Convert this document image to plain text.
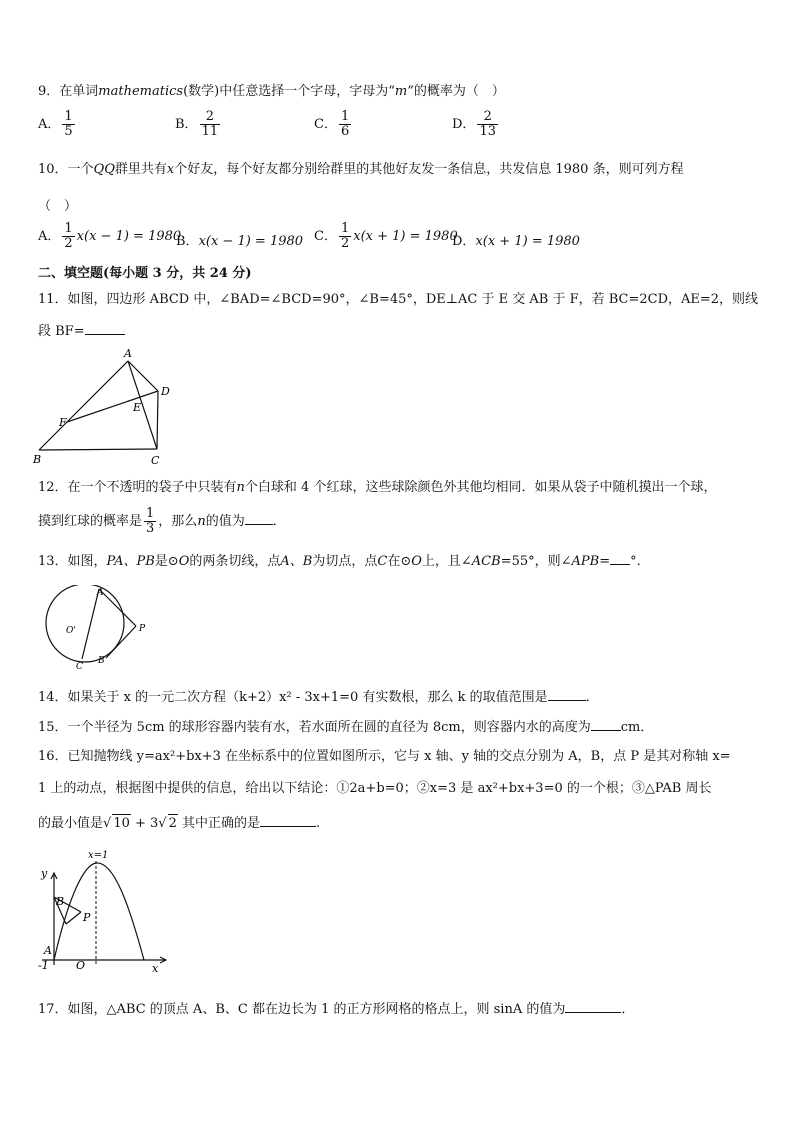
9．在单词mathematics(数学)中任意选择一个字母，字母为“m”的概率为（　）
A． $\frac{1}{5}$	B． $\frac{2}{11}$	C． $\frac{1}{6}$	D． $\frac{2}{13}$
10．一个QQ群里共有x个好友，每个好友都分别给群里的其他好友发一条信息，共发信息 1980 条，则可列方程
（　）
A． $\frac{1}{2} x(x - 1) = 1980$
B．x(x − 1) = 1980 C． $\frac{1}{2} x(x + 1) = 1980$
D．x(x + 1) = 1980
二、填空题(每小题 3 分，共 24 分)
11．如图，四边形 ABCD 中，∠BAD=∠BCD=90°，∠B=45°，DE⊥AC 于 E 交 AB 于 F，若 BC=2CD，AE=2，则线
段 BF=
A
B	C
D
E
F
12．在一个不透明的袋子中只装有n个白球和 4 个红球，这些球除颜色外其他均相同．如果从袋子中随机摸出一个球，
摸到红球的概率是 $\frac{1}{3}$ ，那么n的值为 ．
13．如图，PA、PB是⊙O的两条切线，点A、B为切点，点C在⊙O上，且∠ACB=55°，则∠APB= °．
A
C
B
O'	P
14．如果关于 x 的一元二次方程（k+2）x² - 3x+1=0 有实数根，那么 k 的取值范围是	．
15．一个半径为 5cm 的球形容器内装有水，若水面所在圆的直径为 8cm，则容器内水的高度为 cm．
16．已知抛物线 y=ax²+bx+3 在坐标系中的位置如图所示，它与 x 轴、y 轴的交点分别为 A，B，点 P 是其对称轴 x=
1 上的动点，根据图中提供的信息，给出以下结论：①2a+b=0；②x=3 是 ax²+bx+3=0 的一个根；③△PAB 周长
的最小值是√ 10 + 3√ 2 其中正确的是	.
x=1
y
x
B
P
A
O
-1
17．如图，△ABC 的顶点 A、B、C 都在边长为 1 的正方形网格的格点上，则 sinA 的值为	．
